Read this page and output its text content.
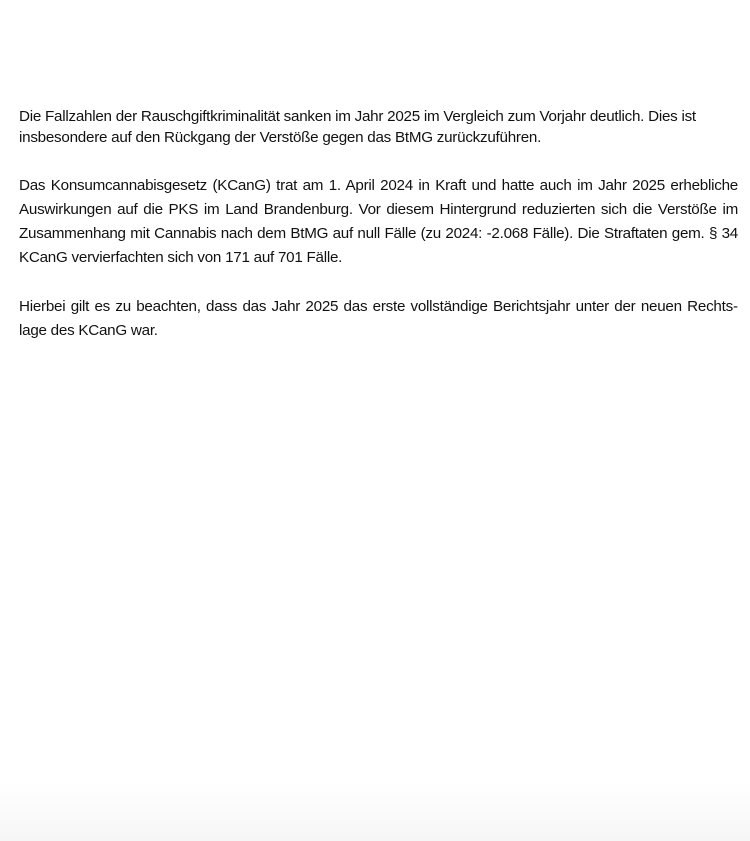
Die Fallzahlen der Rauschgiftkriminalität sanken im Jahr 2025 im Vergleich zum Vorjahr deutlich. Dies ist insbesondere auf den Rückgang der Verstöße gegen das BtMG zurückzuführen.

Das Konsumcannabisgesetz (KCanG) trat am 1. April 2024 in Kraft und hatte auch im Jahr 2025 erhebliche Auswirkungen auf die PKS im Land Brandenburg. Vor diesem Hintergrund reduzierten sich die Verstöße im Zusammenhang mit Cannabis nach dem BtMG auf null Fälle (zu 2024: -2.068 Fälle). Die Straftaten gem. § 34 KCanG vervierfachten sich von 171 auf 701 Fälle.

Hierbei gilt es zu beachten, dass das Jahr 2025 das erste vollständige Berichtsjahr unter der neuen Rechtslage des KCanG war.
